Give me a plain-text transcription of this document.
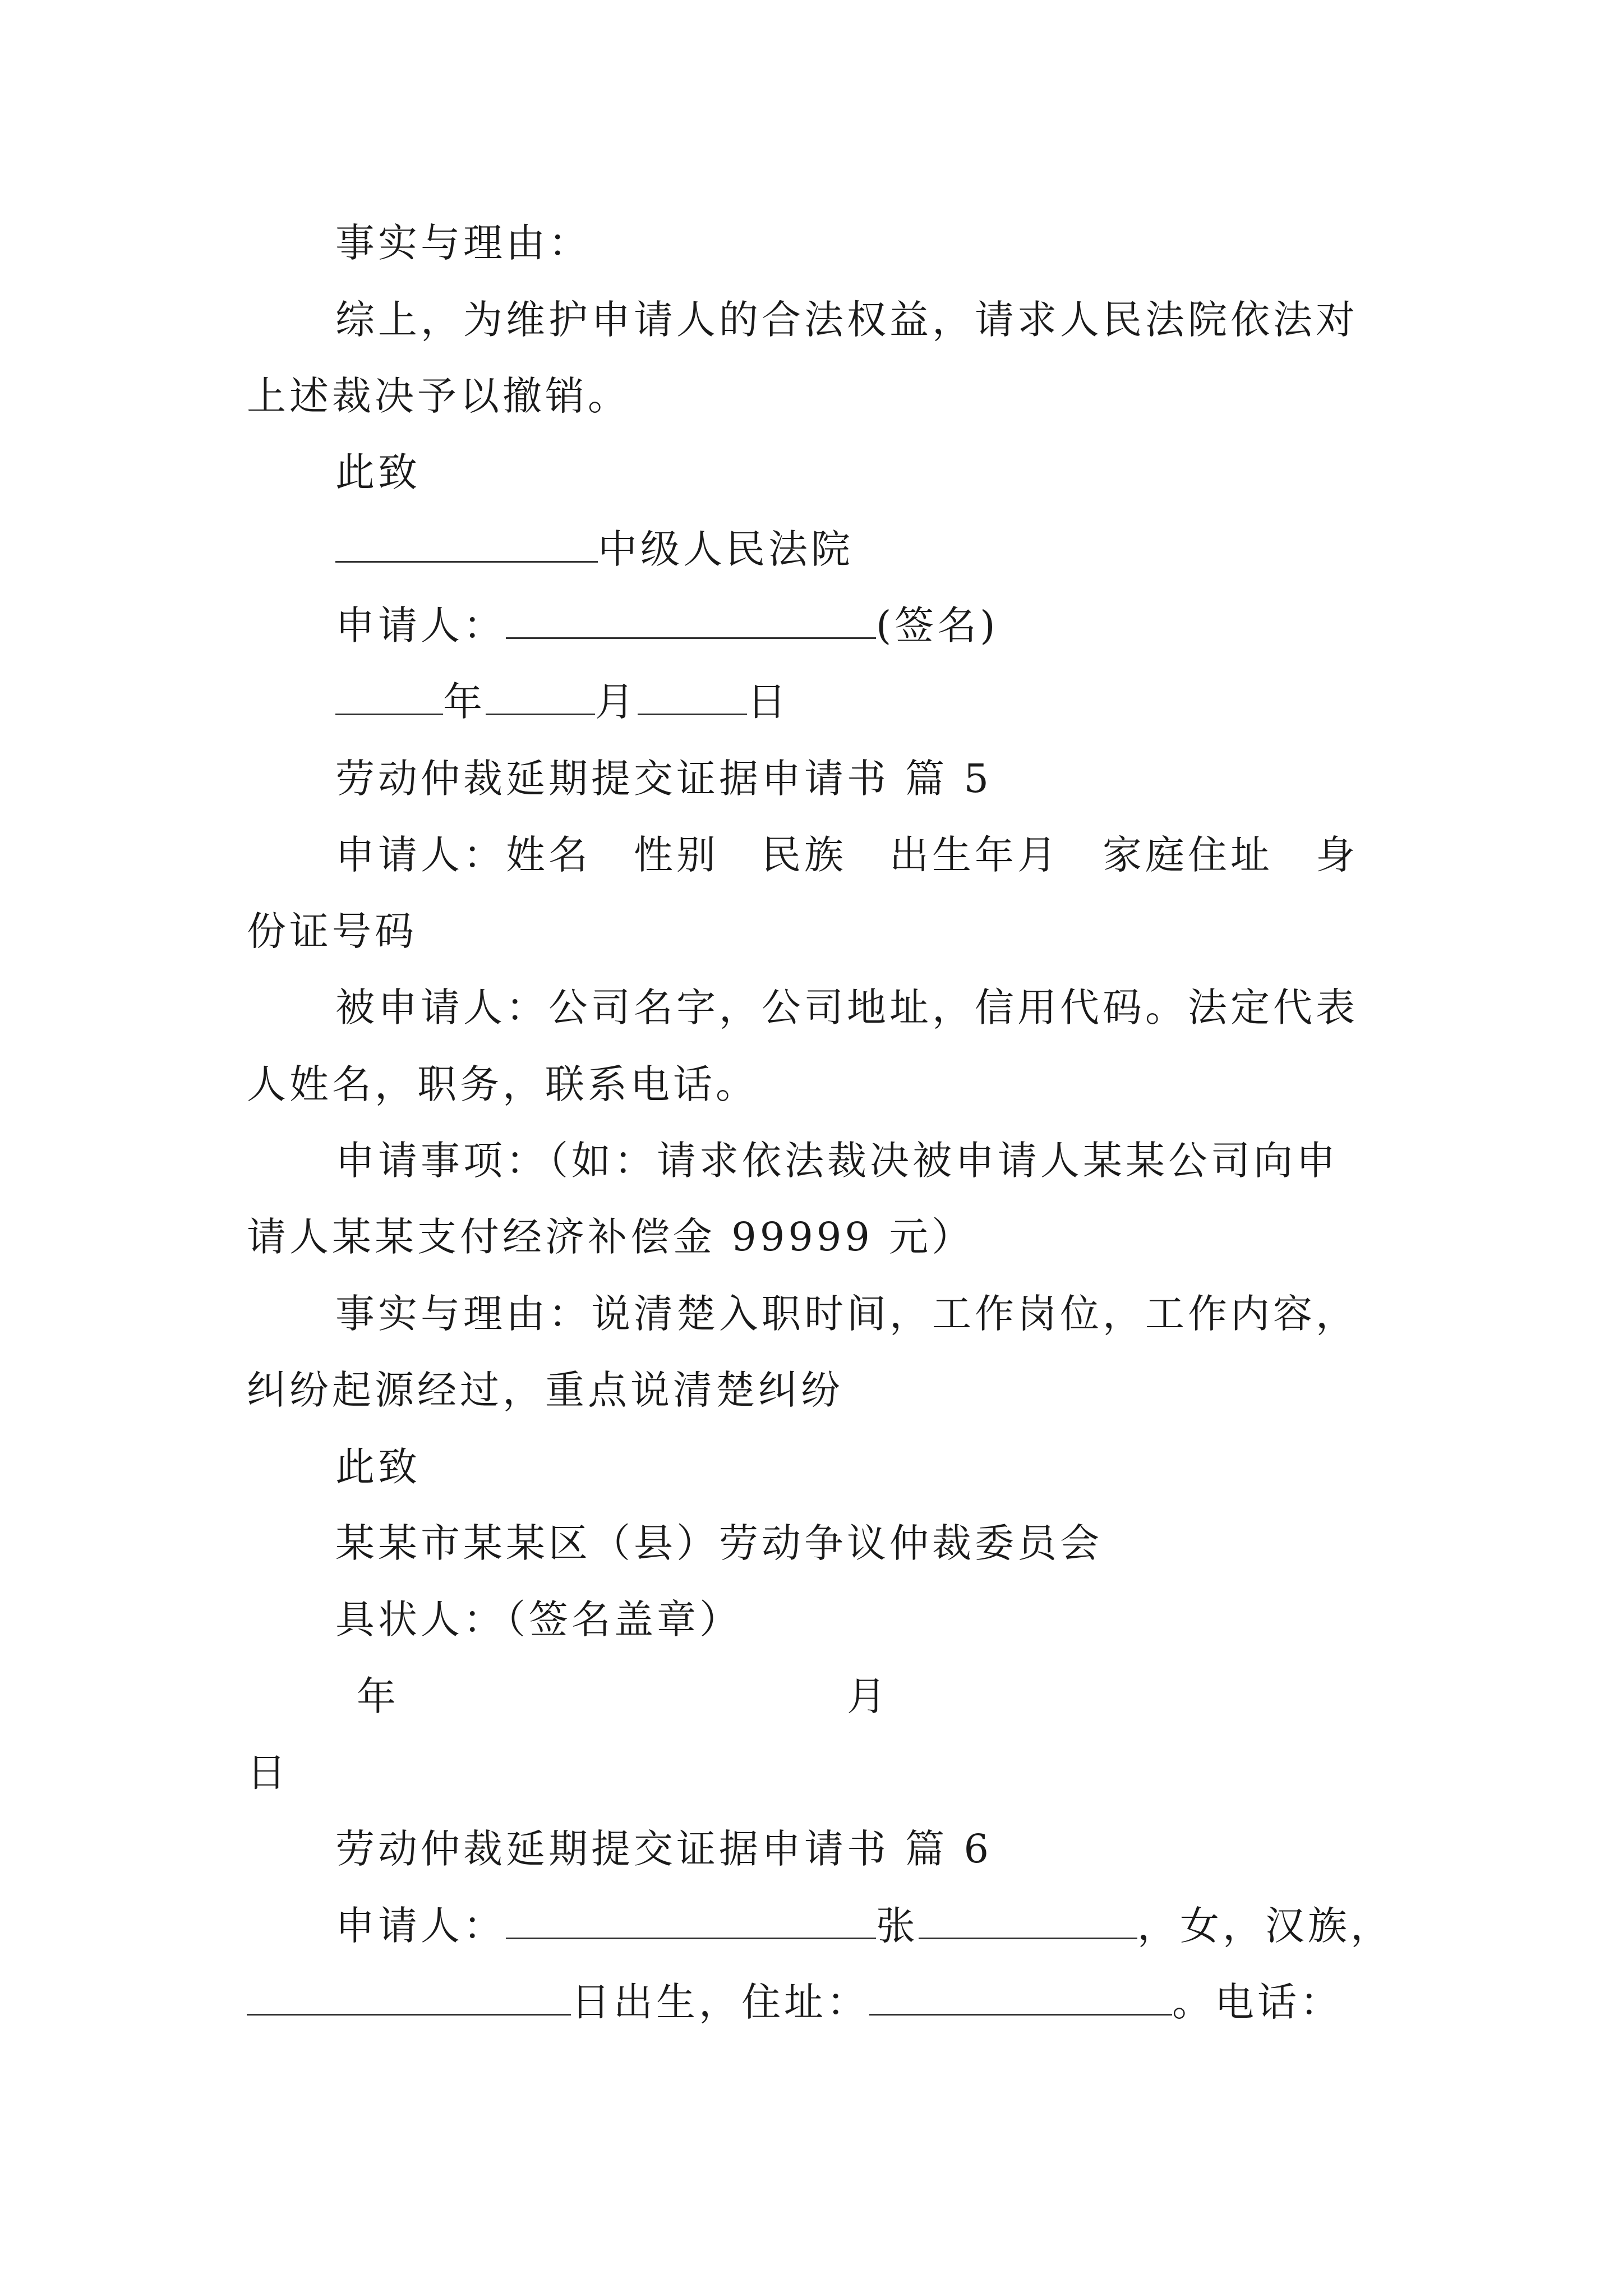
事实与理由：
综上，为维护申请人的合法权益，请求人民法院依法对
上述裁决予以撤销。
此致
中级人民法院
申请人：	(签名)
年	月	日
劳动仲裁延期提交证据申请书 篇 5
申请人：姓名　性别　民族　出生年月　家庭住址　身
份证号码
被申请人：公司名字，公司地址，信用代码。法定代表
人姓名，职务，联系电话。
申请事项：（如：请求依法裁决被申请人某某公司向申
请人某某支付经济补偿金 99999 元）
事实与理由：说清楚入职时间，工作岗位，工作内容，
纠纷起源经过，重点说清楚纠纷
此致
某某市某某区（县）劳动争议仲裁委员会
具状人：（签名盖章）
年	月
日
劳动仲裁延期提交证据申请书 篇 6
申请人：	张	，女，汉族，
日出生，住址：	。电话：
